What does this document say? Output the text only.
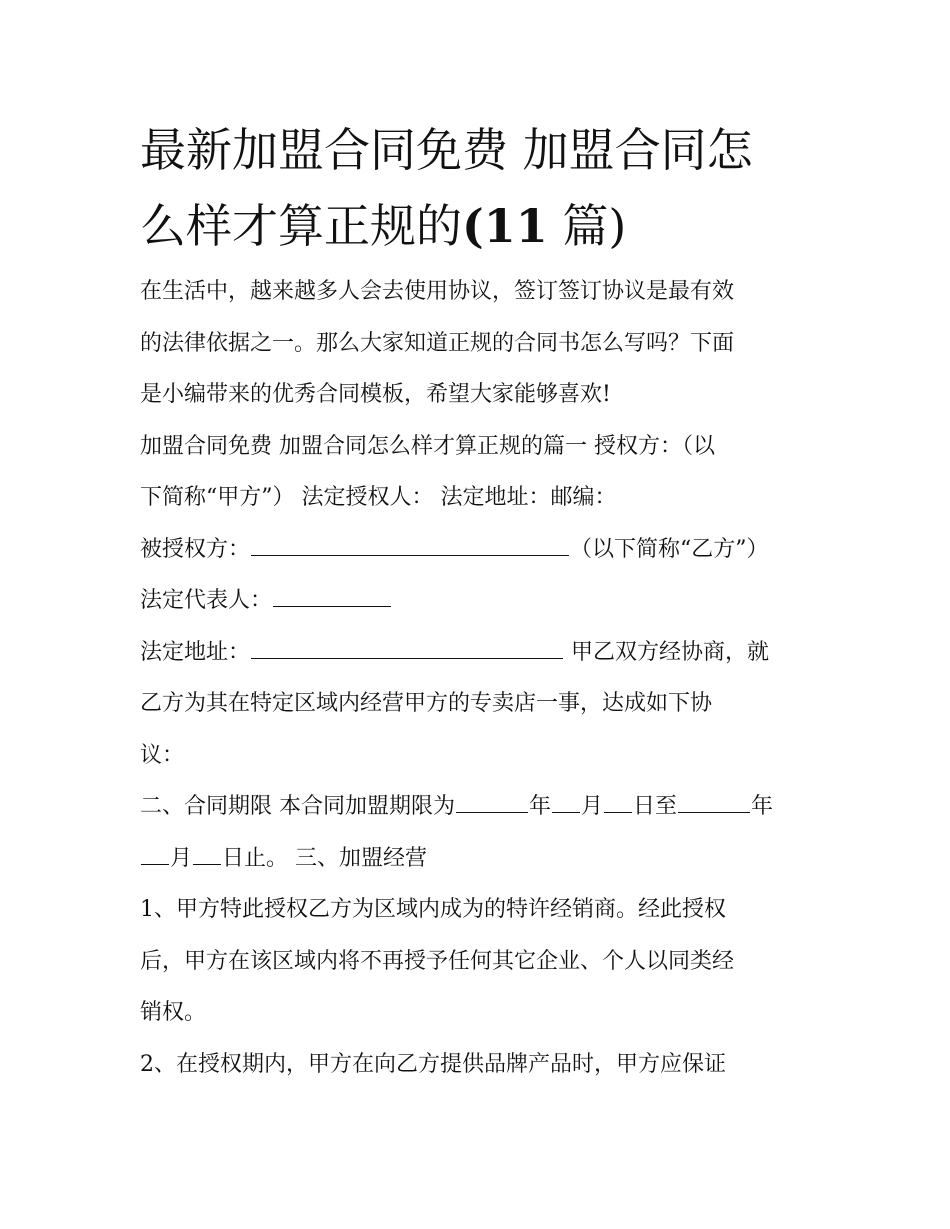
最新加盟合同免费 加盟合同怎
么样才算正规的(11 篇)

在生活中，越来越多人会去使用协议，签订签订协议是最有效

的法律依据之一。那么大家知道正规的合同书怎么写吗？下面

是小编带来的优秀合同模板，希望大家能够喜欢!

加盟合同免费 加盟合同怎么样才算正规的篇一 授权方：（以

下简称“甲方”） 法定授权人： 法定地址：邮编：

被授权方：	（以下简称“乙方”）

法定代表人：

法定地址：	甲乙双方经协商，就

乙方为其在特定区域内经营甲方的专卖店一事，达成如下协

议：

二、合同期限 本合同加盟期限为	年 月 日至	年

月 日止。 三、加盟经营

1、甲方特此授权乙方为区域内成为的特许经销商。经此授权

后，甲方在该区域内将不再授予任何其它企业、个人以同类经

销权。

2、在授权期内，甲方在向乙方提供品牌产品时，甲方应保证
